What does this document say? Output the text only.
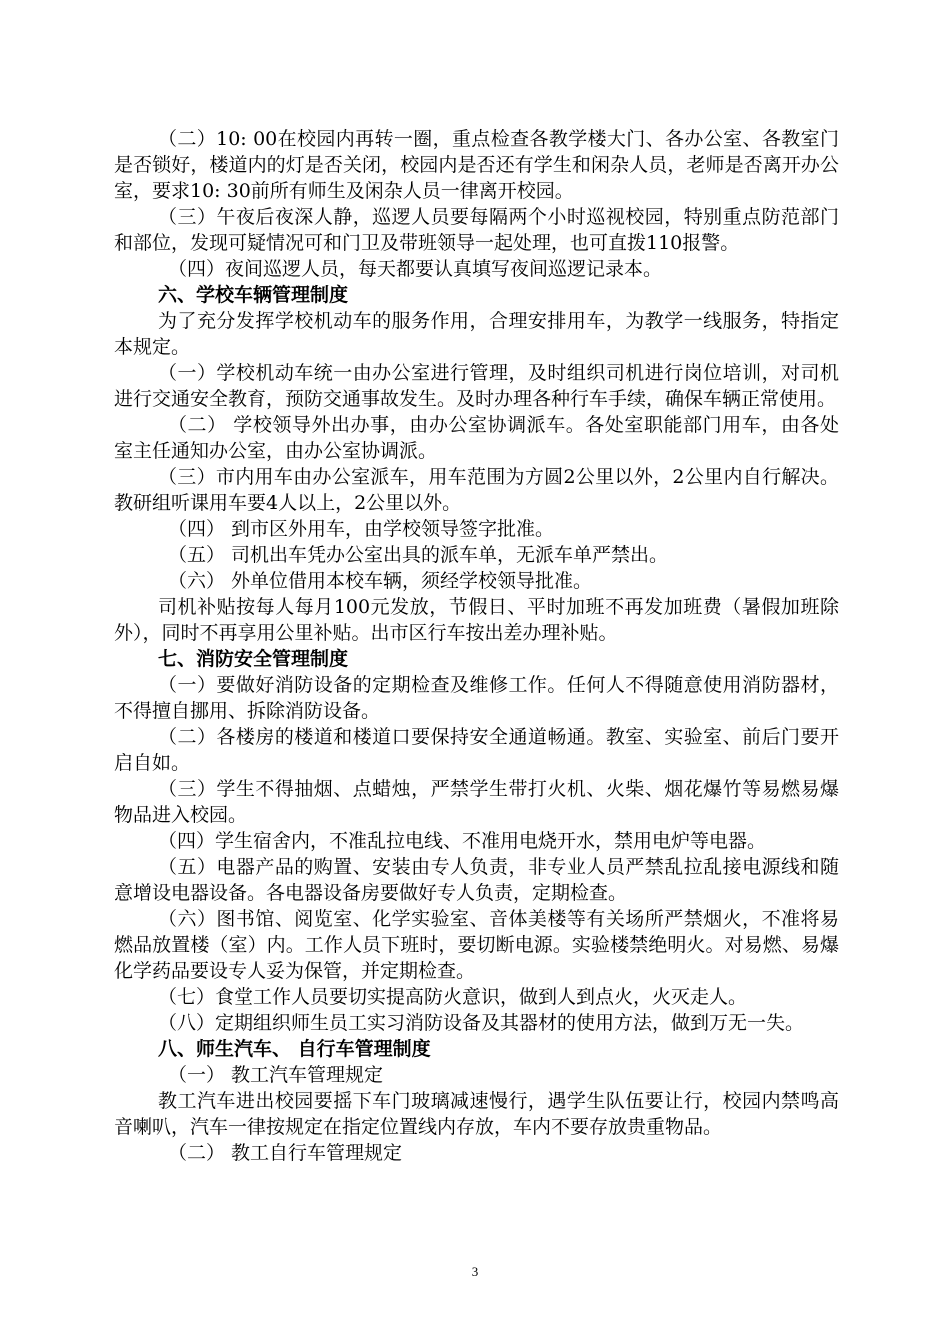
（二）10: 00在校园内再转一圈，重点检查各教学楼大门、各办公室、各教室门是否锁好，楼道内的灯是否关闭，校园内是否还有学生和闲杂人员，老师是否离开办公室，要求10: 30前所有师生及闲杂人员一律离开校园。

（三）午夜后夜深人静，巡逻人员要每隔两个小时巡视校园，特别重点防范部门和部位，发现可疑情况可和门卫及带班领导一起处理，也可直拨110报警。

（四）夜间巡逻人员，每天都要认真填写夜间巡逻记录本。

六、学校车辆管理制度

为了充分发挥学校机动车的服务作用，合理安排用车，为教学一线服务，特指定本规定。

（一）学校机动车统一由办公室进行管理，及时组织司机进行岗位培训，对司机进行交通安全教育，预防交通事故发生。及时办理各种行车手续，确保车辆正常使用。

（二） 学校领导外出办事，由办公室协调派车。各处室职能部门用车，由各处室主任通知办公室，由办公室协调派。

（三）市内用车由办公室派车，用车范围为方圆2公里以外，2公里内自行解决。教研组听课用车要4人以上，2公里以外。

（四） 到市区外用车，由学校领导签字批准。

（五） 司机出车凭办公室出具的派车单，无派车单严禁出。

（六） 外单位借用本校车辆，须经学校领导批准。

司机补贴按每人每月100元发放，节假日、平时加班不再发加班费（暑假加班除外），同时不再享用公里补贴。出市区行车按出差办理补贴。

七、消防安全管理制度

（一）要做好消防设备的定期检查及维修工作。任何人不得随意使用消防器材，不得擅自挪用、拆除消防设备。

（二）各楼房的楼道和楼道口要保持安全通道畅通。教室、实验室、前后门要开启自如。

（三）学生不得抽烟、点蜡烛，严禁学生带打火机、火柴、烟花爆竹等易燃易爆物品进入校园。

（四）学生宿舍内，不准乱拉电线、不准用电烧开水，禁用电炉等电器。

（五）电器产品的购置、安装由专人负责，非专业人员严禁乱拉乱接电源线和随意增设电器设备。各电器设备房要做好专人负责，定期检查。

（六）图书馆、阅览室、化学实验室、音体美楼等有关场所严禁烟火，不准将易燃品放置楼（室）内。工作人员下班时，要切断电源。实验楼禁绝明火。对易燃、易爆化学药品要设专人妥为保管，并定期检查。

（七）食堂工作人员要切实提高防火意识，做到人到点火，火灭走人。

（八）定期组织师生员工实习消防设备及其器材的使用方法，做到万无一失。

八、师生汽车、 自行车管理制度

（一） 教工汽车管理规定

教工汽车进出校园要摇下车门玻璃减速慢行，遇学生队伍要让行，校园内禁鸣高音喇叭，汽车一律按规定在指定位置线内存放，车内不要存放贵重物品。

（二） 教工自行车管理规定

3
